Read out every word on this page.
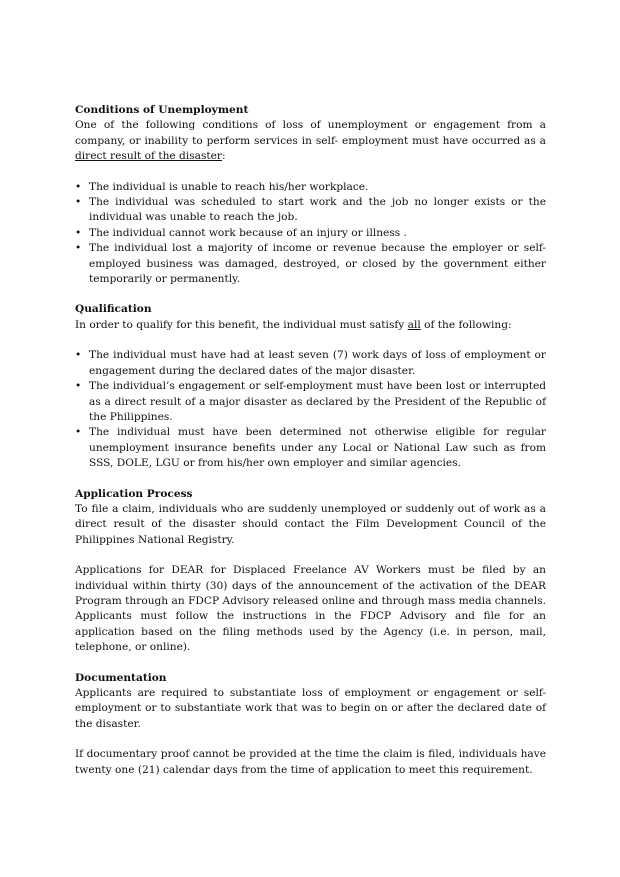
Conditions of Unemployment

One of the following conditions of loss of unemployment or engagement from a company, or inability to perform services in self- employment must have occurred as a direct result of the disaster:

• The individual is unable to reach his/her workplace.
• The individual was scheduled to start work and the job no longer exists or the individual was unable to reach the job.
• The individual cannot work because of an injury or illness .
• The individual lost a majority of income or revenue because the employer or self-employed business was damaged, destroyed, or closed by the government either temporarily or permanently.
Qualification

In order to qualify for this benefit, the individual must satisfy all of the following:

• The individual must have had at least seven (7) work days of loss of employment or engagement during the declared dates of the major disaster.
• The individual’s engagement or self-employment must have been lost or interrupted as a direct result of a major disaster as declared by the President of the Republic of the Philippines.
• The individual must have been determined not otherwise eligible for regular unemployment insurance benefits under any Local or National Law such as from SSS, DOLE, LGU or from his/her own employer and similar agencies.
Application Process

To file a claim, individuals who are suddenly unemployed or suddenly out of work as a direct result of the disaster should contact the Film Development Council of the Philippines National Registry.

Applications for DEAR for Displaced Freelance AV Workers must be filed by an individual within thirty (30) days of the announcement of the activation of the DEAR Program through an FDCP Advisory released online and through mass media channels. Applicants must follow the instructions in the FDCP Advisory and file for an application based on the filing methods used by the Agency (i.e. in person, mail, telephone, or online).

Documentation

Applicants are required to substantiate loss of employment or engagement or self-employment or to substantiate work that was to begin on or after the declared date of the disaster.

If documentary proof cannot be provided at the time the claim is filed, individuals have twenty one (21) calendar days from the time of application to meet this requirement.
